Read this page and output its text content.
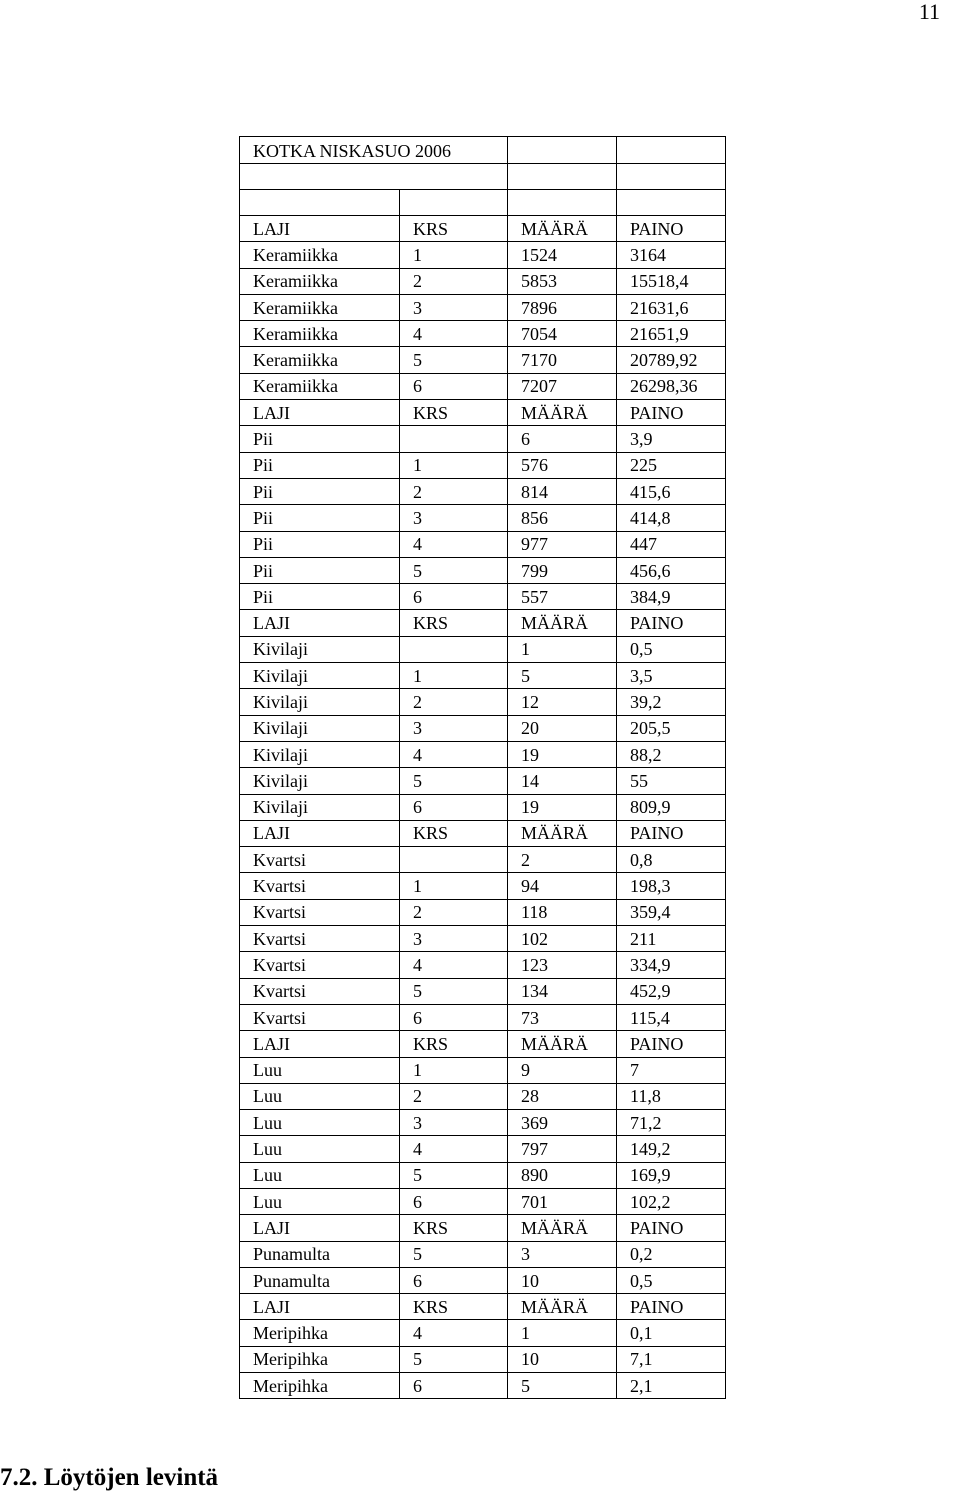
11
KOTKA NISKASUO 2006			

LAJI	KRS	MÄÄRÄ	PAINO
Keramiikka	1	1524	3164
Keramiikka	2	5853	15518,4
Keramiikka	3	7896	21631,6
Keramiikka	4	7054	21651,9
Keramiikka	5	7170	20789,92
Keramiikka	6	7207	26298,36
LAJI	KRS	MÄÄRÄ	PAINO
Pii		6	3,9
Pii	1	576	225
Pii	2	814	415,6
Pii	3	856	414,8
Pii	4	977	447
Pii	5	799	456,6
Pii	6	557	384,9
LAJI	KRS	MÄÄRÄ	PAINO
Kivilaji		1	0,5
Kivilaji	1	5	3,5
Kivilaji	2	12	39,2
Kivilaji	3	20	205,5
Kivilaji	4	19	88,2
Kivilaji	5	14	55
Kivilaji	6	19	809,9
LAJI	KRS	MÄÄRÄ	PAINO
Kvartsi		2	0,8
Kvartsi	1	94	198,3
Kvartsi	2	118	359,4
Kvartsi	3	102	211
Kvartsi	4	123	334,9
Kvartsi	5	134	452,9
Kvartsi	6	73	115,4
LAJI	KRS	MÄÄRÄ	PAINO
Luu	1	9	7
Luu	2	28	11,8
Luu	3	369	71,2
Luu	4	797	149,2
Luu	5	890	169,9
Luu	6	701	102,2
LAJI	KRS	MÄÄRÄ	PAINO
Punamulta	5	3	0,2
Punamulta	6	10	0,5
LAJI	KRS	MÄÄRÄ	PAINO
Meripihka	4	1	0,1
Meripihka	5	10	7,1
Meripihka	6	5	2,1
7.2. Löytöjen levintä
